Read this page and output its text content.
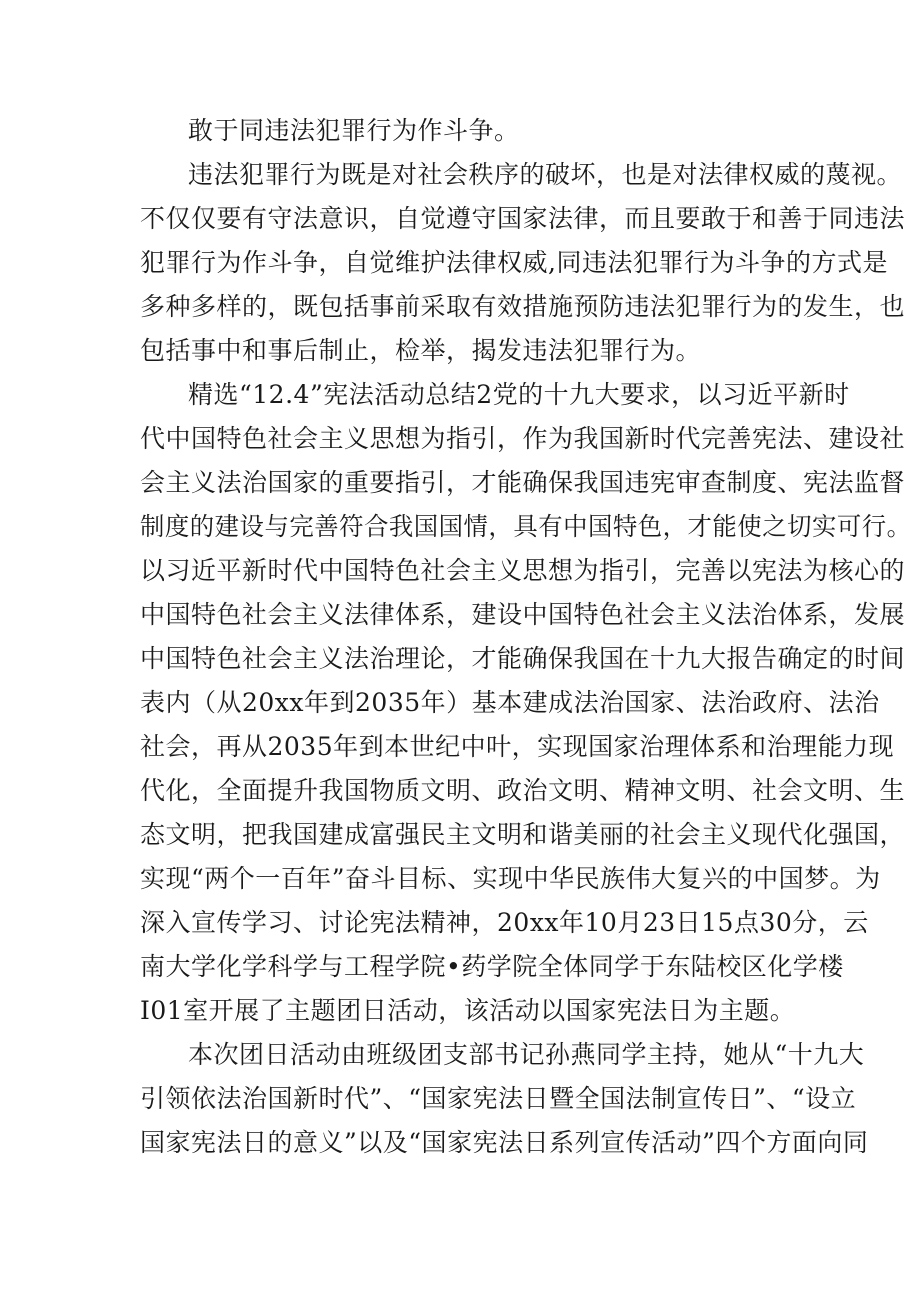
敢于同违法犯罪行为作斗争。
违法犯罪行为既是对社会秩序的破坏，也是对法律权威的蔑视。
不仅仅要有守法意识，自觉遵守国家法律，而且要敢于和善于同违法
犯罪行为作斗争，自觉维护法律权威,同违法犯罪行为斗争的方式是
多种多样的，既包括事前采取有效措施预防违法犯罪行为的发生，也
包括事中和事后制止，检举，揭发违法犯罪行为。
精选“12.4”宪法活动总结2党的十九大要求，以习近平新时
代中国特色社会主义思想为指引，作为我国新时代完善宪法、建设社
会主义法治国家的重要指引，才能确保我国违宪审查制度、宪法监督
制度的建设与完善符合我国国情，具有中国特色，才能使之切实可行。
以习近平新时代中国特色社会主义思想为指引，完善以宪法为核心的
中国特色社会主义法律体系，建设中国特色社会主义法治体系，发展
中国特色社会主义法治理论，才能确保我国在十九大报告确定的时间
表内（从20xx年到2035年）基本建成法治国家、法治政府、法治
社会，再从2035年到本世纪中叶，实现国家治理体系和治理能力现
代化，全面提升我国物质文明、政治文明、精神文明、社会文明、生
态文明，把我国建成富强民主文明和谐美丽的社会主义现代化强国，
实现“两个一百年”奋斗目标、实现中华民族伟大复兴的中国梦。为
深入宣传学习、讨论宪法精神，20xx年10月23日15点30分，云
南大学化学科学与工程学院•药学院全体同学于东陆校区化学楼
I01室开展了主题团日活动，该活动以国家宪法日为主题。
本次团日活动由班级团支部书记孙燕同学主持，她从“十九大
引领依法治国新时代”、“国家宪法日暨全国法制宣传日”、“设立
国家宪法日的意义”以及“国家宪法日系列宣传活动”四个方面向同
